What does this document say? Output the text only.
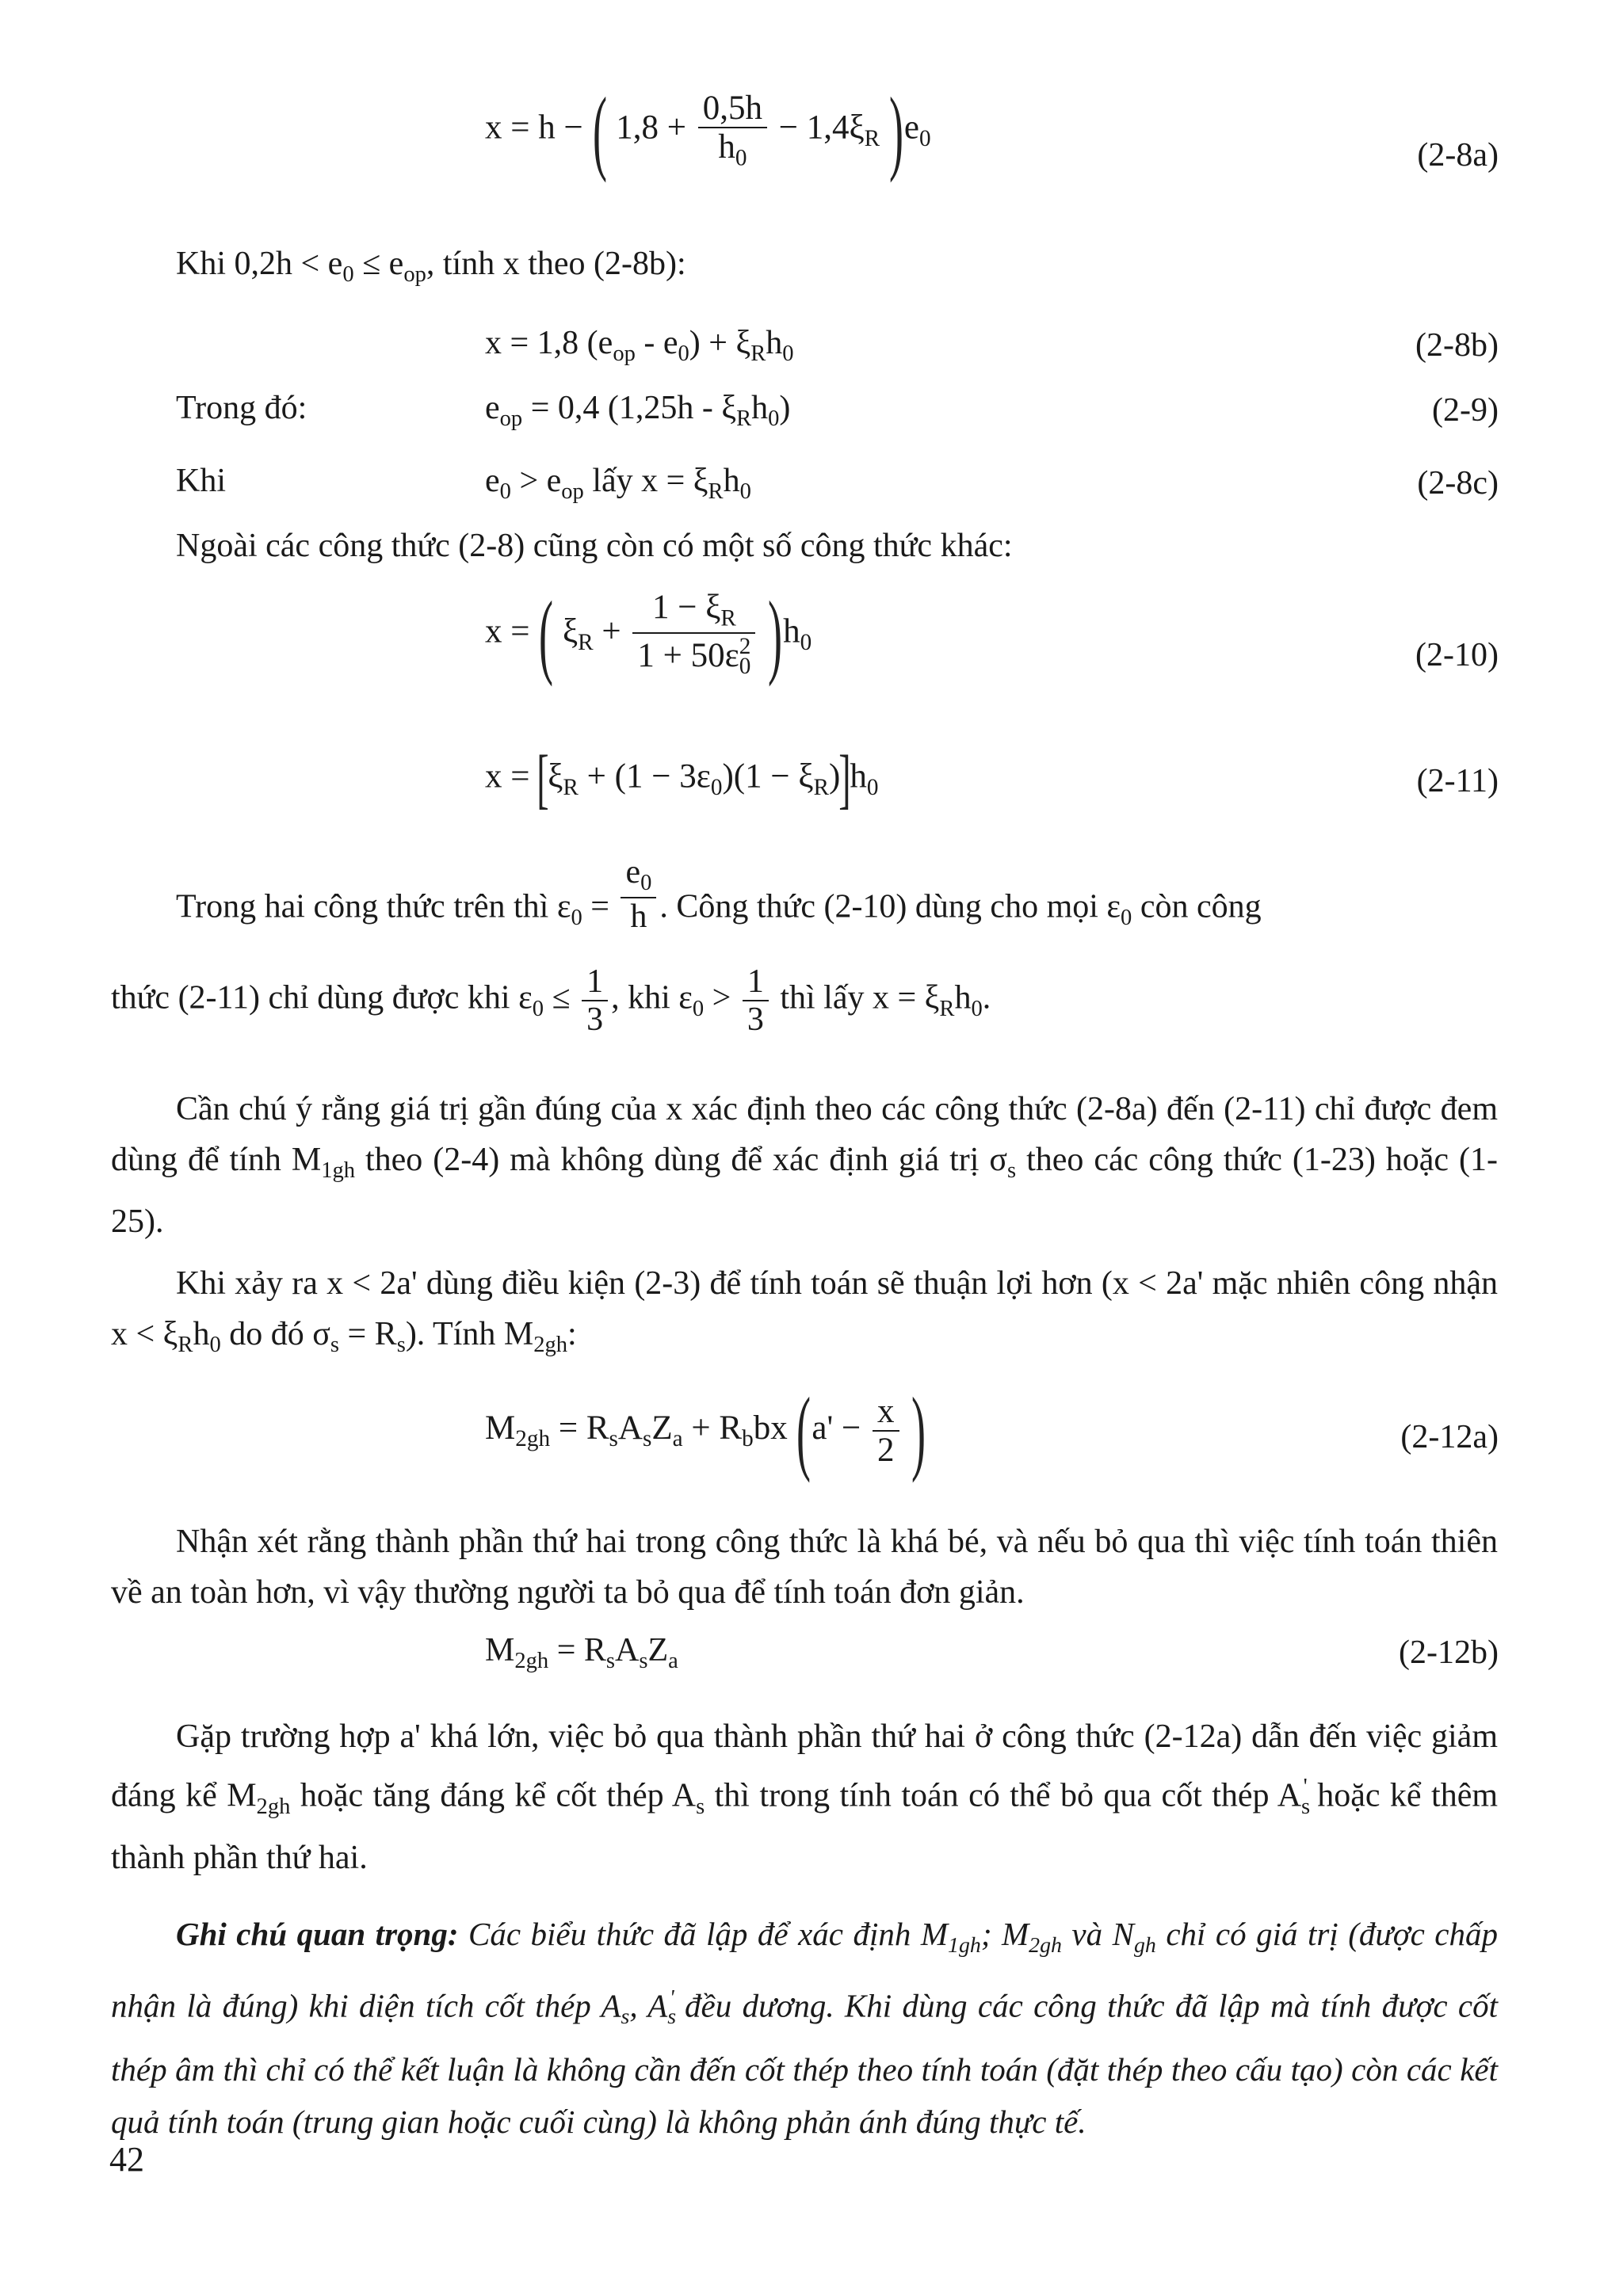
x = h − ( $1,8 + \frac{0,5h}{h_0} - 1,4\xi_R$ )$e_0$	(2-8a)
Khi $0,2h < e_0 \le e_{op}$, tính x theo (2-8b):
x = 1,8 $(e_{op} - e_0) + \xi_Rh_0$	(2-8b)
Trong đó:	$e_{op} = 0,4$ $(1,25h - \xi_Rh_0)$	(2-9)
Khi	$e_0 > e_{op}$ lấy $x = \xi_Rh_0$	(2-8c)
Ngoài các công thức (2-8) cũng còn có một số công thức khác:
x = ( $\xi_R + \frac{1 - \xi_R}{1 + 50\varepsilon^2_0} )h_0$	(2-10)
$x = [\xi_R + (1 - 3\varepsilon_0)(1 - \xi_R)]h_0$	(2-11)
Trong hai công thức trên thì $\varepsilon_0 = \frac{e_0}{h}$ . Công thức (2-10) dùng cho mọi $\varepsilon_0$ còn công
thức (2-11) chỉ dùng được khi $\varepsilon_0 \le \frac{1}{3}$ , khi $\varepsilon_0 > \frac{1}{3}$ thì lấy $x = \xi_Rh_0$.
Cần chú ý rằng giá trị gần đúng của x xác định theo các công thức (2-8a) đến (2-11) chỉ được đem dùng để tính $M_{1gh}$ theo (2-4) mà không dùng để xác định giá trị $\sigma_s$ theo các công thức (1-23) hoặc (1-25).
Khi xảy ra x < 2a' dùng điều kiện (2-3) để tính toán sẽ thuận lợi hơn (x < 2a' mặc nhiên công nhận $x < \xi_Rh_0$ do đó $\sigma_s = R_s$). Tính $M_{2gh}$:
$M_{2gh} = R_sA_sZ_a + R_bbx$ ($a' - \frac{x}{2}$ )	(2-12a)
Nhận xét rằng thành phần thứ hai trong công thức là khá bé, và nếu bỏ qua thì việc tính toán thiên về an toàn hơn, vì vậy thường người ta bỏ qua để tính toán đơn giản.
$M_{2gh} = R_sA_sZ_a$	(2-12b)
Gặp trường hợp a' khá lớn, việc bỏ qua thành phần thứ hai ở công thức (2-12a) dẫn đến việc giảm đáng kể $M_{2gh}$ hoặc tăng đáng kể cốt thép $A_s$ thì trong tính toán có thể bỏ qua cốt thép $A_s'$ hoặc kể thêm thành phần thứ hai.
Ghi chú quan trọng: Các biểu thức đã lập để xác định $M_{1gh}$; $M_{2gh}$ và $N_{gh}$ chỉ có giá trị (được chấp nhận là đúng) khi diện tích cốt thép $A_s$, $A_s'$ đều dương. Khi dùng các công thức đã lập mà tính được cốt thép âm thì chỉ có thể kết luận là không cần đến cốt thép theo tính toán (đặt thép theo cấu tạo) còn các kết quả tính toán (trung gian hoặc cuối cùng) là không phản ánh đúng thực tế.
42
